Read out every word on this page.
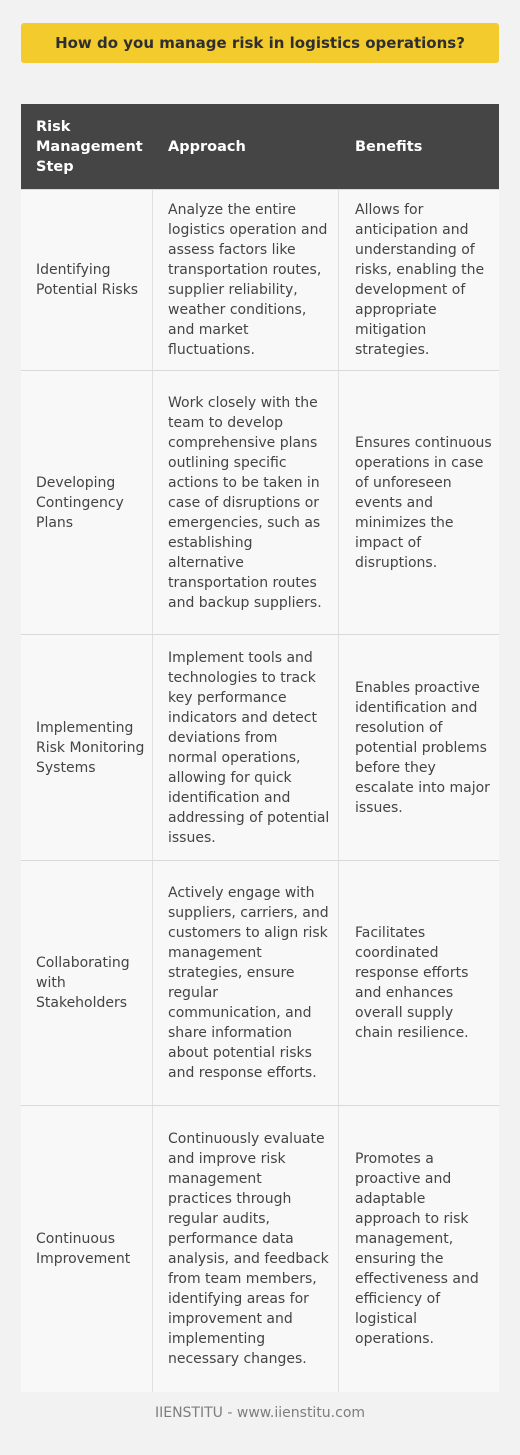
How do you manage risk in logistics operations?
Risk Management Step
Approach	Benefits
Identifying Potential Risks
Analyze the entire logistics operation and assess factors like transportation routes, supplier reliability, weather conditions, and market fluctuations.
Allows for anticipation and understanding of risks, enabling the development of appropriate mitigation strategies.
Developing Contingency Plans
Work closely with the team to develop comprehensive plans outlining specific actions to be taken in case of disruptions or emergencies, such as establishing alternative transportation routes and backup suppliers.
Ensures continuous operations in case of unforeseen events and minimizes the impact of disruptions.
Implementing Risk Monitoring Systems
Implement tools and technologies to track key performance indicators and detect deviations from normal operations, allowing for quick identification and addressing of potential issues.
Enables proactive identification and resolution of potential problems before they escalate into major issues.
Collaborating with Stakeholders
Actively engage with suppliers, carriers, and customers to align risk management strategies, ensure regular communication, and share information about potential risks and response efforts.
Facilitates coordinated response efforts and enhances overall supply chain resilience.
Continuous Improvement
Continuously evaluate and improve risk management practices through regular audits, performance data analysis, and feedback from team members, identifying areas for improvement and implementing necessary changes.
Promotes a proactive and adaptable approach to risk management, ensuring the effectiveness and efficiency of logistical operations.
IIENSTITU - www.iienstitu.com
